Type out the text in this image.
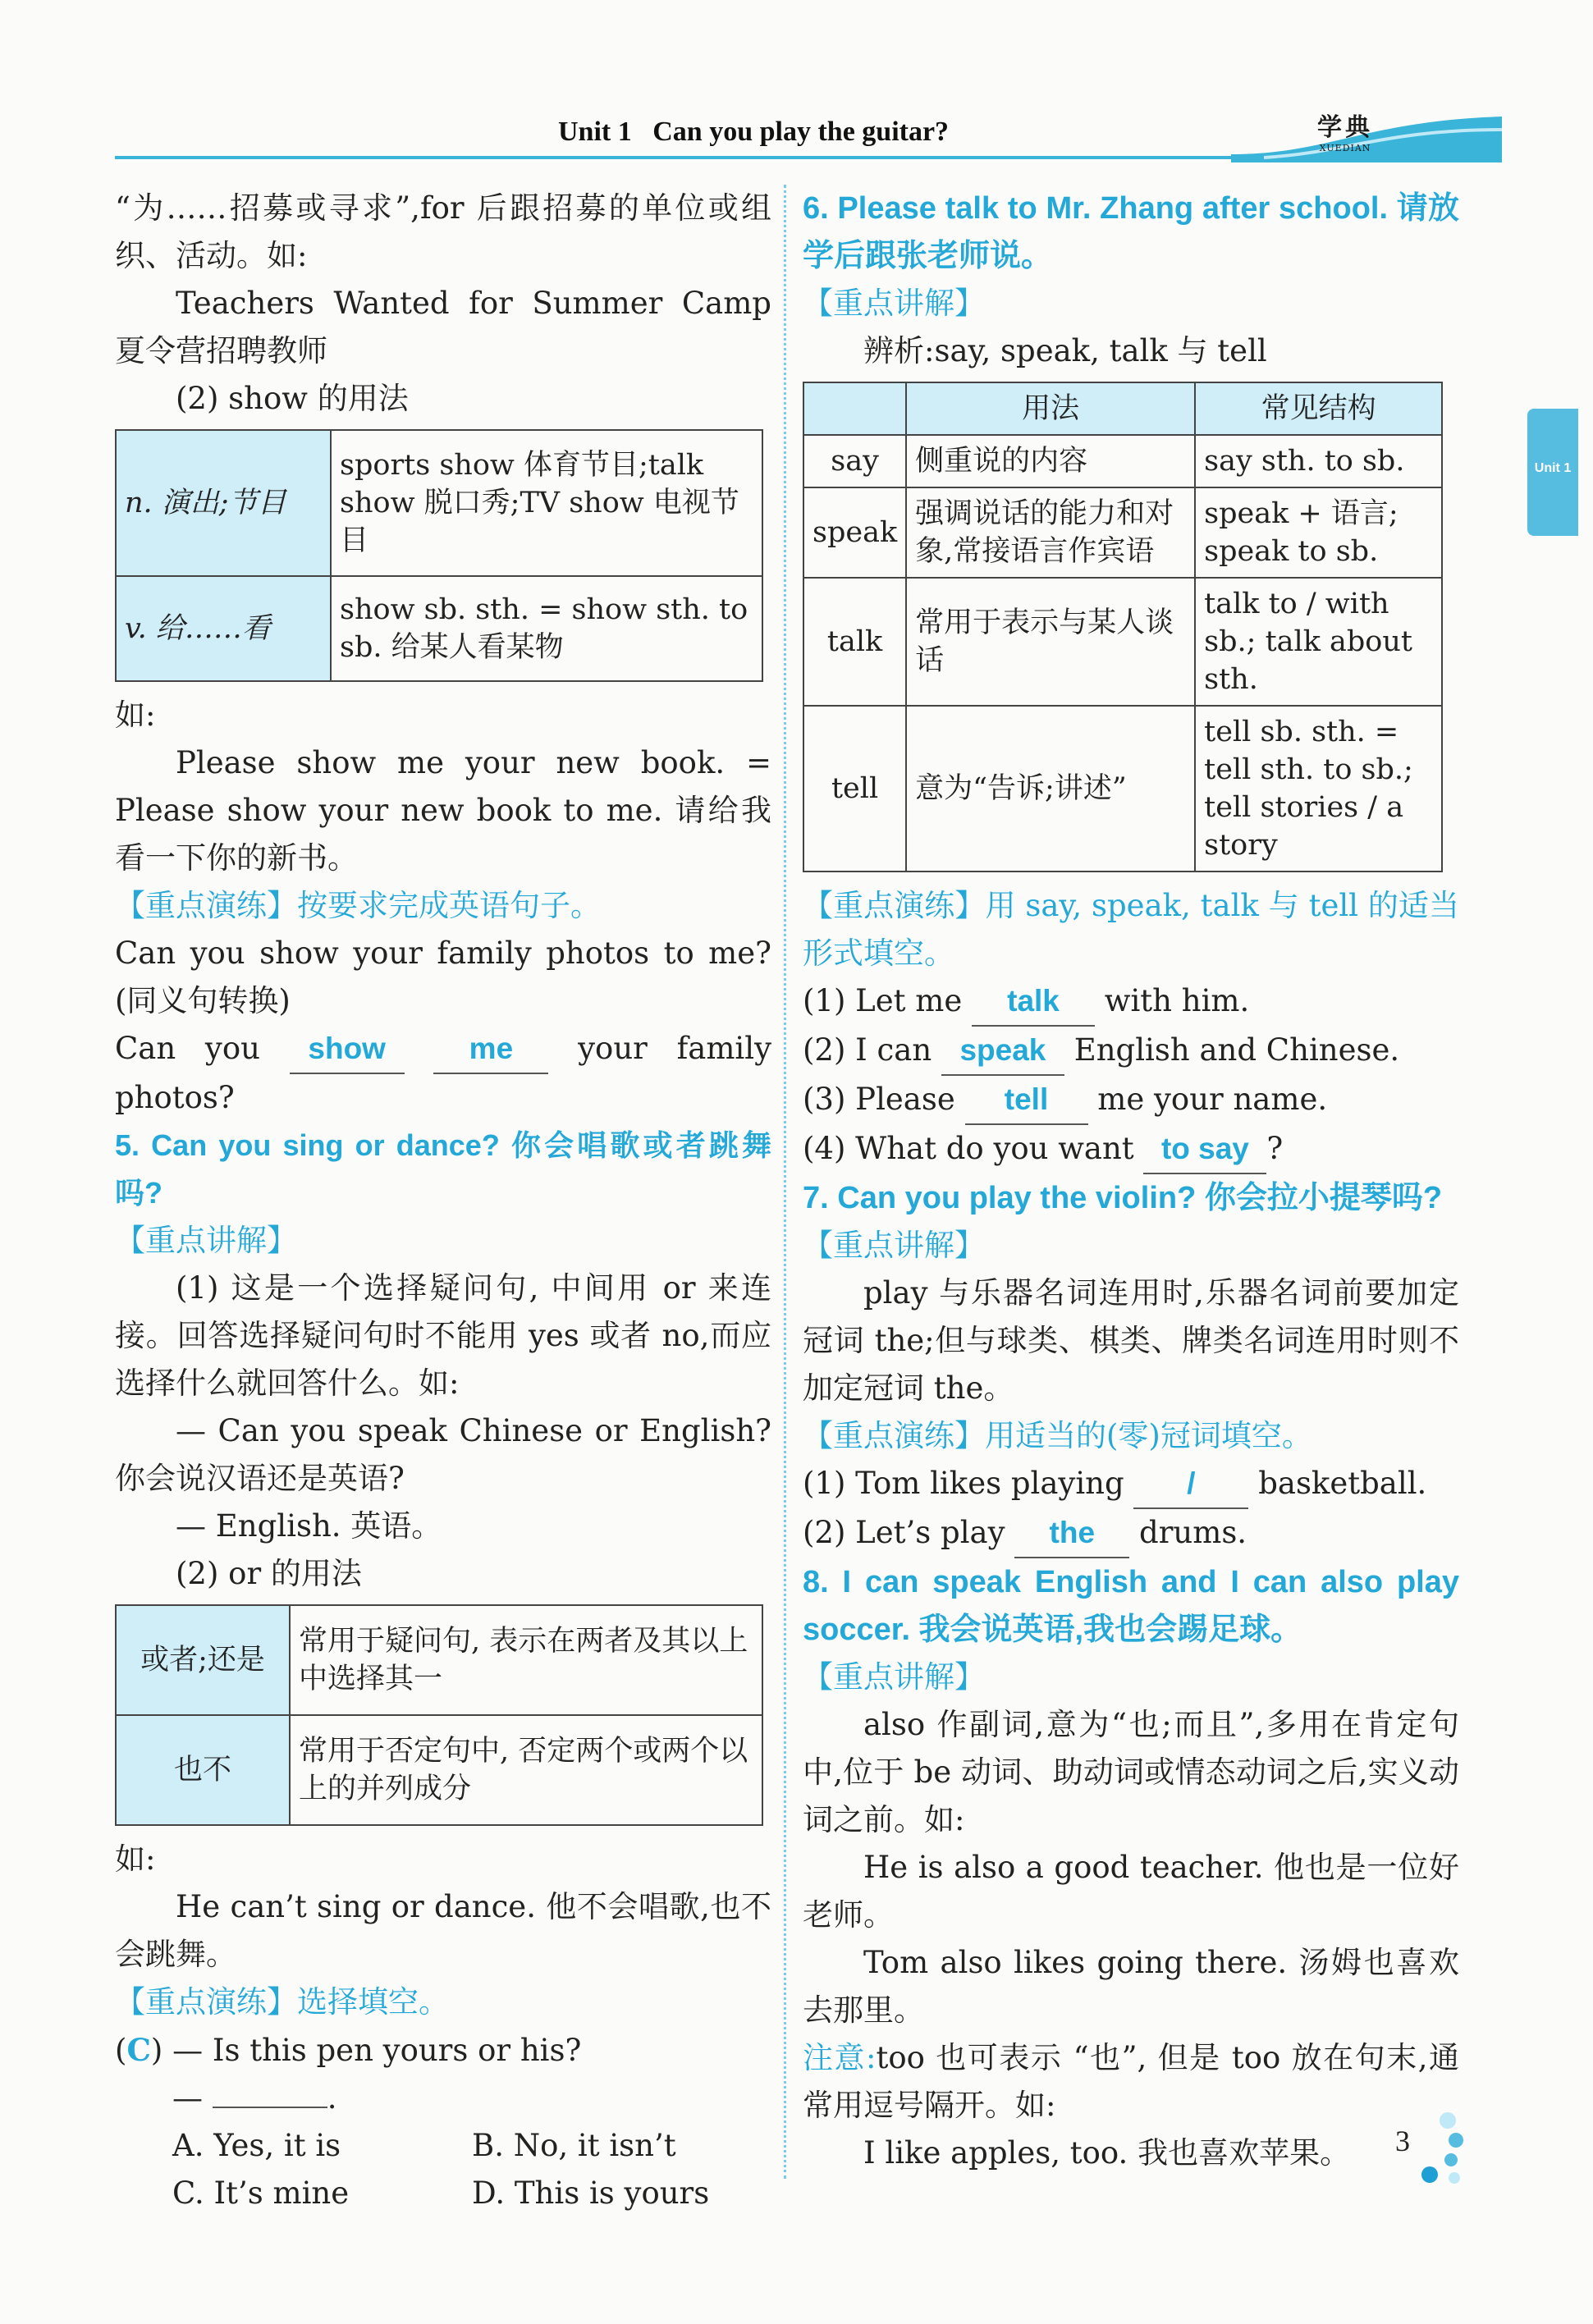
Unit 1   Can you play the guitar?	学典
XUEDIAN
Unit 1

“为……招募或寻求”,for 后跟招募的单位或组织、活动。如:

Teachers Wanted for Summer Camp 夏令营招聘教师

(2) show 的用法

n. 演出;节目	sports show 体育节目;talk show 脱口秀;TV show 电视节目
v. 给……看	show sb. sth. = show sth. to sb. 给某人看某物

如:

Please show me your new book. = Please show your new book to me. 请给我看一下你的新书。

【重点演练】按要求完成英语句子。

Can you show your family photos to me? (同义句转换)

Can you show	me your family photos?

5. Can you sing or dance? 你会唱歌或者跳舞吗?

【重点讲解】

(1) 这是一个选择疑问句, 中间用 or 来连接。回答选择疑问句时不能用 yes 或者 no,而应选择什么就回答什么。如:

— Can you speak Chinese or English? 你会说汉语还是英语?

— English. 英语。

(2) or 的用法

或者;还是	常用于疑问句, 表示在两者及其以上中选择其一
也不	常用于否定句中, 否定两个或两个以上的并列成分

如:

He can’t sing or dance. 他不会唱歌,也不会跳舞。

【重点演练】选择填空。

(C) — Is this pen yours or his?

—	.

A. Yes, it is	B. No, it isn’t

C. It’s mine	D. This is yours

6. Please talk to Mr. Zhang after school. 请放学后跟张老师说。

【重点讲解】

辨析:say, speak, talk 与 tell

	用法	常见结构
say	侧重说的内容	say sth. to sb.
speak	强调说话的能力和对象,常接语言作宾语	speak + 语言; speak to sb.
talk	常用于表示与某人谈话	talk to / with sb.; talk about sth.
tell	意为“告诉;讲述”	tell sb. sth. = tell sth. to sb.; tell stories / a story

【重点演练】用 say, speak, talk 与 tell 的适当形式填空。

(1) Let me talk with him.

(2) I can speak English and Chinese.

(3) Please tell me your name.

(4) What do you want to say ?

7. Can you play the violin? 你会拉小提琴吗?

【重点讲解】

play 与乐器名词连用时,乐器名词前要加定冠词 the;但与球类、棋类、牌类名词连用时则不加定冠词 the。

【重点演练】用适当的(零)冠词填空。

(1) Tom likes playing / basketball.

(2) Let’s play the drums.

8. I can speak English and I can also play soccer. 我会说英语,我也会踢足球。

【重点讲解】

also 作副词,意为“也;而且”,多用在肯定句中,位于 be 动词、助动词或情态动词之后,实义动词之前。如:

He is also a good teacher. 他也是一位好老师。

Tom also likes going there. 汤姆也喜欢去那里。

注意:too 也可表示 “也”, 但是 too 放在句末,通常用逗号隔开。如:

I like apples, too. 我也喜欢苹果。	3
